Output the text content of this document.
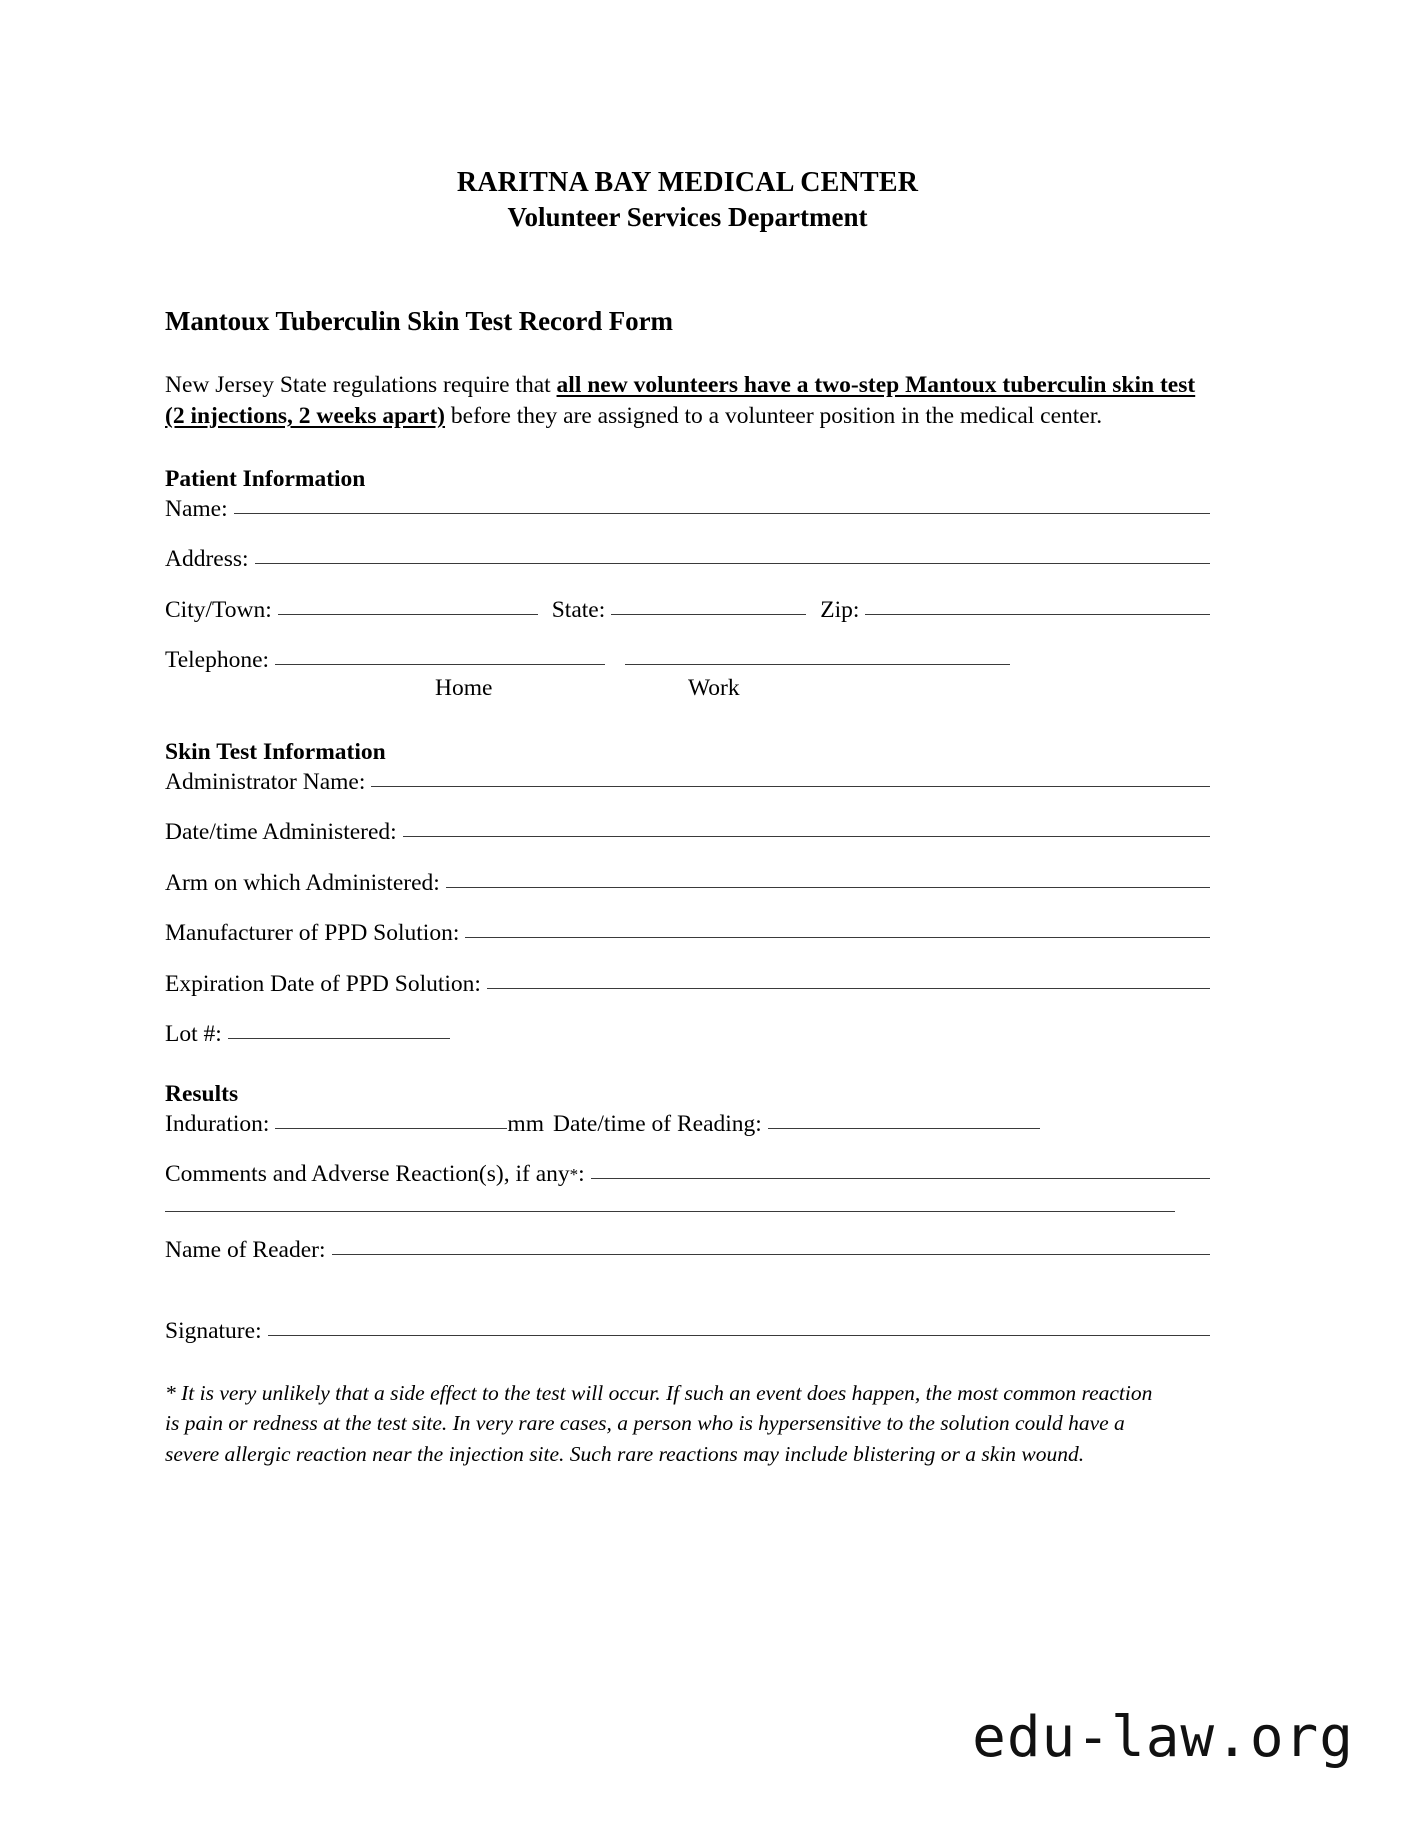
RARITNA BAY MEDICAL CENTER
Volunteer Services Department
Mantoux Tuberculin Skin Test Record Form
New Jersey State regulations require that all new volunteers have a two-step Mantoux tuberculin skin test (2 injections, 2 weeks apart) before they are assigned to a volunteer position in the medical center.
Patient Information
Name:
Address:
City/Town:	State:	Zip:
Telephone:
Home	Work
Skin Test Information
Administrator Name:
Date/time Administered:
Arm on which Administered:
Manufacturer of PPD Solution:
Expiration Date of PPD Solution:
Lot #:
Results
Induration:	mm Date/time of Reading:
Comments and Adverse Reaction(s), if any * :
Name of Reader:
Signature:
* It is very unlikely that a side effect to the test will occur. If such an event does happen, the most common reaction is pain or redness at the test site. In very rare cases, a person who is hypersensitive to the solution could have a severe allergic reaction near the injection site. Such rare reactions may include blistering or a skin wound.
edu-law.org
